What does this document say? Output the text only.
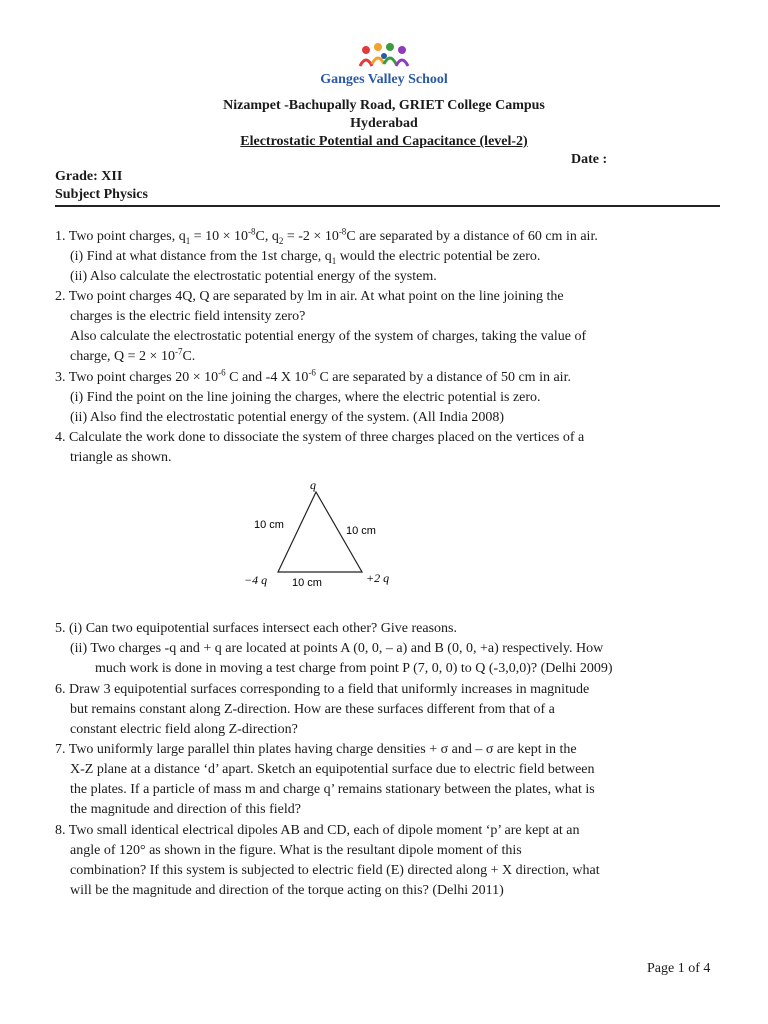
Ganges Valley School
Nizampet -Bachupally Road, GRIET College Campus
Hyderabad
Electrostatic Potential and Capacitance (level-2)
Date :
Grade: XII
Subject Physics
1. Two point charges, $q_1 = 10 \times 10^{-8}C$, $q_2 = -2 \times 10^{-8}C$ are separated by a distance of 60 cm in air.
(i) Find at what distance from the 1st charge, $q_1$ would the electric potential be zero.
(ii) Also calculate the electrostatic potential energy of the system.
2. Two point charges 4Q, Q are separated by lm in air. At what point on the line joining the
charges is the electric field intensity zero?
Also calculate the electrostatic potential energy of the system of charges, taking the value of
charge, $Q = 2 \times 10^{-7}C$.
3. Two point charges $20 \times 10^{-6}$ C and -4 X $10^{-6}$ C are separated by a distance of 50 cm in air.
(i) Find the point on the line joining the charges, where the electric potential is zero.
(ii) Also find the electrostatic potential energy of the system. (All India 2008)
4. Calculate the work done to dissociate the system of three charges placed on the vertices of a
triangle as shown.
q
10 cm	10 cm
−4 q 10 cm	+2 q
5. (i) Can two equipotential surfaces intersect each other? Give reasons.
(ii) Two charges -q and + q are located at points A (0, 0, – a) and B (0, 0, +a) respectively. How
much work is done in moving a test charge from point P (7, 0, 0) to Q (-3,0,0)? (Delhi 2009)
6. Draw 3 equipotential surfaces corresponding to a field that uniformly increases in magnitude
but remains constant along Z-direction. How are these surfaces different from that of a
constant electric field along Z-direction?
7. Two uniformly large parallel thin plates having charge densities + σ and – σ are kept in the
X-Z plane at a distance ‘d’ apart. Sketch an equipotential surface due to electric field between
the plates. If a particle of mass m and charge q’ remains stationary between the plates, what is
the magnitude and direction of this field?
8. Two small identical electrical dipoles AB and CD, each of dipole moment ‘p’ are kept at an
angle of 120° as shown in the figure. What is the resultant dipole moment of this
combination? If this system is subjected to electric field (E) directed along + X direction, what
will be the magnitude and direction of the torque acting on this? (Delhi 2011)
Page 1 of 4
